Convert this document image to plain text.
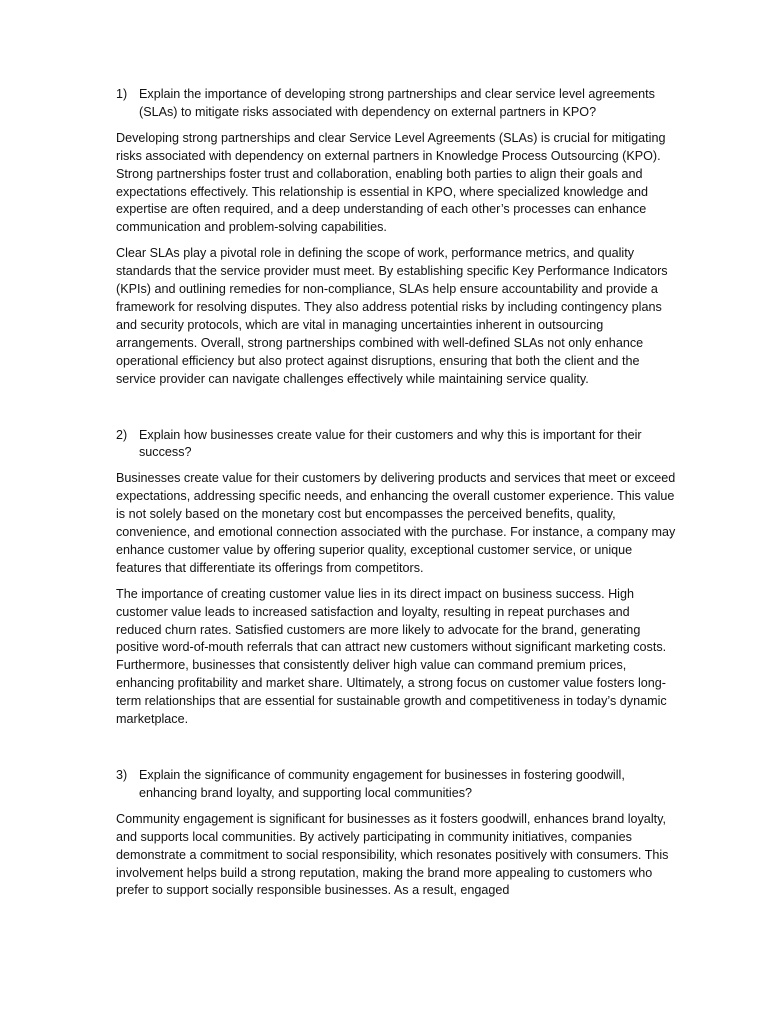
1) Explain the importance of developing strong partnerships and clear service level agreements (SLAs) to mitigate risks associated with dependency on external partners in KPO?

Developing strong partnerships and clear Service Level Agreements (SLAs) is crucial for mitigating risks associated with dependency on external partners in Knowledge Process Outsourcing (KPO). Strong partnerships foster trust and collaboration, enabling both parties to align their goals and expectations effectively. This relationship is essential in KPO, where specialized knowledge and expertise are often required, and a deep understanding of each other’s processes can enhance communication and problem-solving capabilities.

Clear SLAs play a pivotal role in defining the scope of work, performance metrics, and quality standards that the service provider must meet. By establishing specific Key Performance Indicators (KPIs) and outlining remedies for non-compliance, SLAs help ensure accountability and provide a framework for resolving disputes. They also address potential risks by including contingency plans and security protocols, which are vital in managing uncertainties inherent in outsourcing arrangements. Overall, strong partnerships combined with well-defined SLAs not only enhance operational efficiency but also protect against disruptions, ensuring that both the client and the service provider can navigate challenges effectively while maintaining service quality.

2) Explain how businesses create value for their customers and why this is important for their success?

Businesses create value for their customers by delivering products and services that meet or exceed expectations, addressing specific needs, and enhancing the overall customer experience. This value is not solely based on the monetary cost but encompasses the perceived benefits, quality, convenience, and emotional connection associated with the purchase. For instance, a company may enhance customer value by offering superior quality, exceptional customer service, or unique features that differentiate its offerings from competitors.

The importance of creating customer value lies in its direct impact on business success. High customer value leads to increased satisfaction and loyalty, resulting in repeat purchases and reduced churn rates. Satisfied customers are more likely to advocate for the brand, generating positive word-of-mouth referrals that can attract new customers without significant marketing costs. Furthermore, businesses that consistently deliver high value can command premium prices, enhancing profitability and market share. Ultimately, a strong focus on customer value fosters long-term relationships that are essential for sustainable growth and competitiveness in today’s dynamic marketplace.

3) Explain the significance of community engagement for businesses in fostering goodwill, enhancing brand loyalty, and supporting local communities?

Community engagement is significant for businesses as it fosters goodwill, enhances brand loyalty, and supports local communities. By actively participating in community initiatives, companies demonstrate a commitment to social responsibility, which resonates positively with consumers. This involvement helps build a strong reputation, making the brand more appealing to customers who prefer to support socially responsible businesses. As a result, engaged
